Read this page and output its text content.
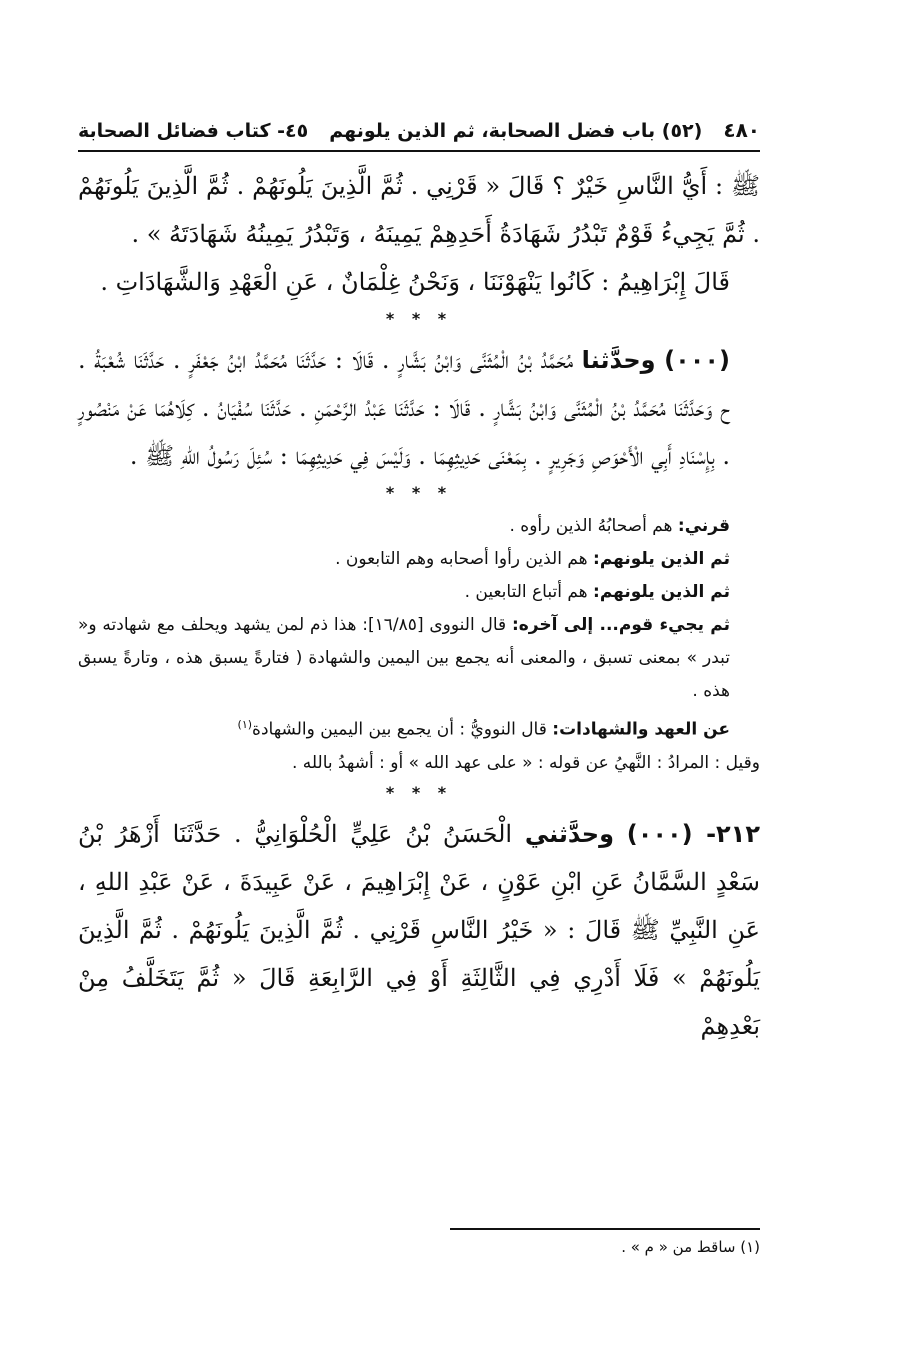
٤٨٠
(٥٢) باب فضل الصحابة، ثم الذين يلونهم
٤٥- كتاب فضائل الصحابة

ﷺ : أَيُّ النَّاسِ خَيْرٌ ؟ قَالَ « قَرْنِي . ثُمَّ الَّذِينَ يَلُونَهُمْ . ثُمَّ الَّذِينَ يَلُونَهُمْ . ثُمَّ يَجِيءُ قَوْمٌ تَبْدُرُ شَهَادَةُ أَحَدِهِمْ يَمِينَهُ ، وَتَبْدُرُ يَمِينُهُ شَهَادَتَهُ » .

قَالَ إِبْرَاهِيمُ : كَانُوا يَنْهَوْنَنَا ، وَنَحْنُ غِلْمَانٌ ، عَنِ الْعَهْدِ وَالشَّهَادَاتِ .

* * *

(٠٠٠) وحدَّثنا مُحَمَّدُ بْنُ الْمُثَنَّى وَابْنُ بَشَّارٍ . قَالَا : حَدَّثَنَا مُحَمَّدُ ابْنُ جَعْفَرٍ . حَدَّثَنَا شُعْبَةُ . ح وَحَدَّثَنَا مُحَمَّدُ بْنُ الْمُثَنَّى وَابْنُ بَشَّارٍ . قَالَا : حَدَّثَنَا عَبْدُ الرَّحْمَنِ . حَدَّثَنَا سُفْيَانُ . كِلَاهُمَا عَنْ مَنْصُورٍ . بِإِسْنَادِ أَبِي الْأَحْوَصِ وَجَرِيرٍ . بِمَعْنَى حَدِيثِهِمَا . وَلَيْسَ فِي حَدِيثِهِمَا : سُئِلَ رَسُولُ اللهِ ﷺ .

* * *

قرني: هم أصحابُهُ الذين رأوه .

ثم الذين يلونهم: هم الذين رأوا أصحابه وهم التابعون .

ثم الذين يلونهم: هم أتباع التابعين .

ثم يجيء قوم... إلى آخره: قال النووى [١٦/٨٥]: هذا ذم لمن يشهد ويحلف مع شهادته و« تبدر » بمعنى تسبق ، والمعنى أنه يجمع بين اليمين والشهادة ( فتارةً يسبق هذه ، وتارةً يسبق هذه .

عن العهد والشهادات: قال النوويُّ : أن يجمع بين اليمين والشهادة$^{(١)}$

وقيل : المرادُ : النَّهيُ عن قوله : « على عهد الله » أو : أشهدُ بالله .

* * *

٢١٢- (٠٠٠) وحدَّثني الْحَسَنُ بْنُ عَلِيٍّ الْحُلْوَانِيُّ . حَدَّثَنَا أَزْهَرُ بْنُ سَعْدٍ السَّمَّانُ عَنِ ابْنِ عَوْنٍ ، عَنْ إِبْرَاهِيمَ ، عَنْ عَبِيدَةَ ، عَنْ عَبْدِ اللهِ ، عَنِ النَّبِيِّ ﷺ قَالَ : « خَيْرُ النَّاسِ قَرْنِي . ثُمَّ الَّذِينَ يَلُونَهُمْ . ثُمَّ الَّذِينَ يَلُونَهُمْ » فَلَا أَدْرِي فِي الثَّالِثَةِ أَوْ فِي الرَّابِعَةِ قَالَ « ثُمَّ يَتَخَلَّفُ مِنْ بَعْدِهِمْ

(١) ساقط من « م » .
